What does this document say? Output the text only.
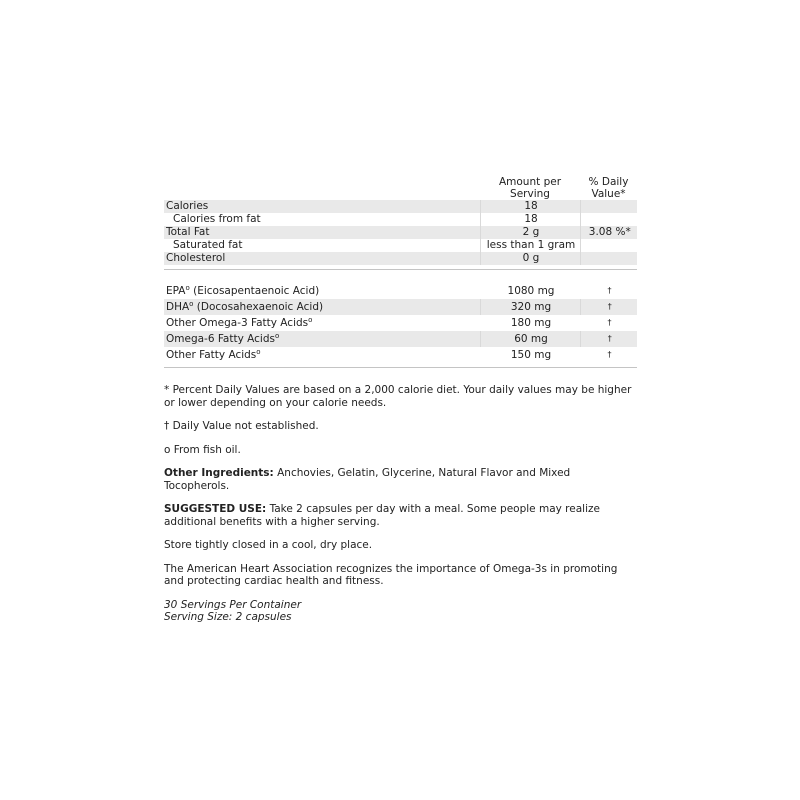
	Amount per Serving	% Daily Value*
Calories	18	
Calories from fat	18	
Total Fat	2 g	3.08 %*
Saturated fat	less than 1 gram	
Cholesterol	0 g	
EPA$^o$ (Eicosapentaenoic Acid)	1080 mg	†
DHA$^o$ (Docosahexaenoic Acid)	320 mg	†
Other Omega-3 Fatty Acids$^o$	180 mg	†
Omega-6 Fatty Acids$^o$	60 mg	†
Other Fatty Acids$^o$	150 mg	†

* Percent Daily Values are based on a 2,000 calorie diet. Your daily values may be higher or lower depending on your calorie needs.

† Daily Value not established.

o From fish oil.

Other Ingredients: Anchovies, Gelatin, Glycerine, Natural Flavor and Mixed Tocopherols.

SUGGESTED USE: Take 2 capsules per day with a meal. Some people may realize additional benefits with a higher serving.

Store tightly closed in a cool, dry place.

The American Heart Association recognizes the importance of Omega-3s in promoting and protecting cardiac health and fitness.

30 Servings Per Container
Serving Size: 2 capsules
